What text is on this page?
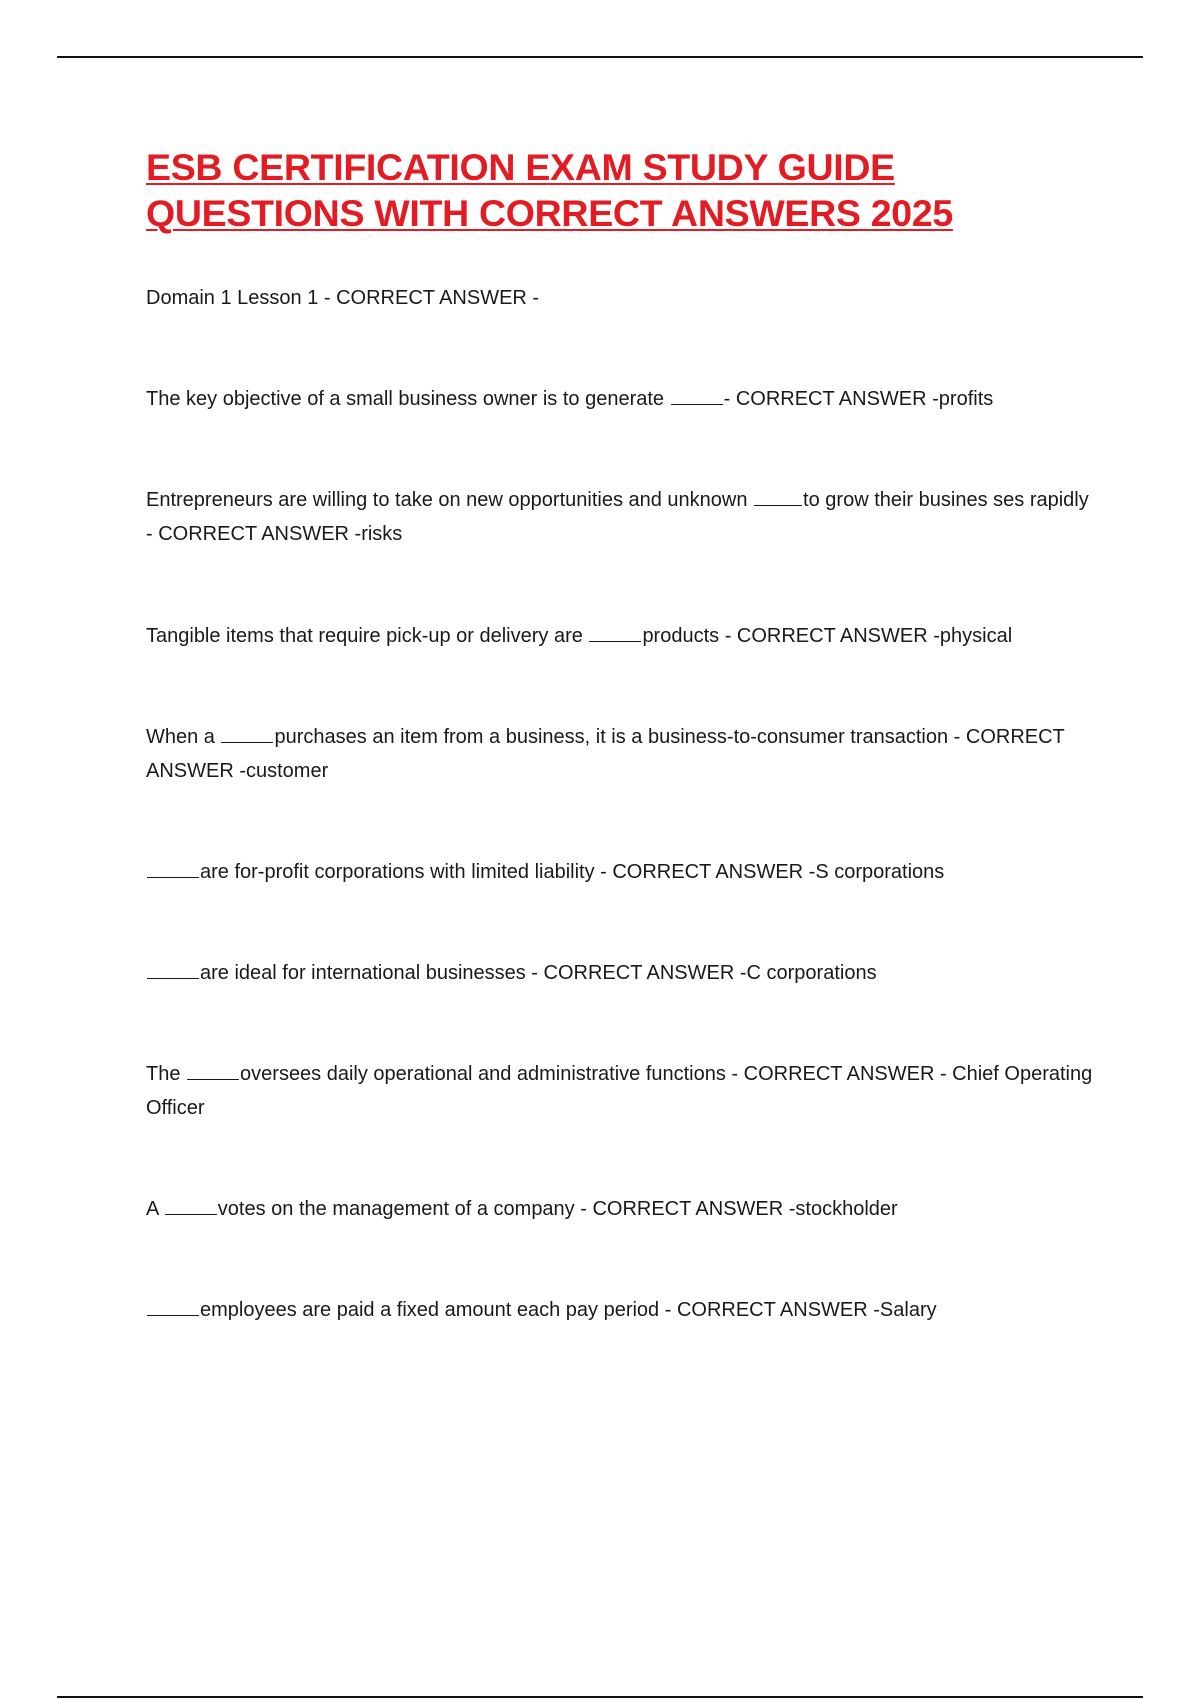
ESB CERTIFICATION EXAM STUDY GUIDE
QUESTIONS WITH CORRECT ANSWERS 2025

Domain 1 Lesson 1 - CORRECT ANSWER -

The key objective of a small business owner is to generate	- CORRECT ANSWER -profits

Entrepreneurs are willing to take on new opportunities and unknown	to grow their busines ses rapidly - CORRECT ANSWER -risks

Tangible items that require pick-up or delivery are	products - CORRECT ANSWER -physical

When a	purchases an item from a business, it is a business-to-consumer transaction - CORRECT ANSWER -customer

are for-profit corporations with limited liability - CORRECT ANSWER -S corporations

are ideal for international businesses - CORRECT ANSWER -C corporations

The	oversees daily operational and administrative functions - CORRECT ANSWER - Chief Operating Officer

A	votes on the management of a company - CORRECT ANSWER -stockholder

employees are paid a fixed amount each pay period - CORRECT ANSWER -Salary
